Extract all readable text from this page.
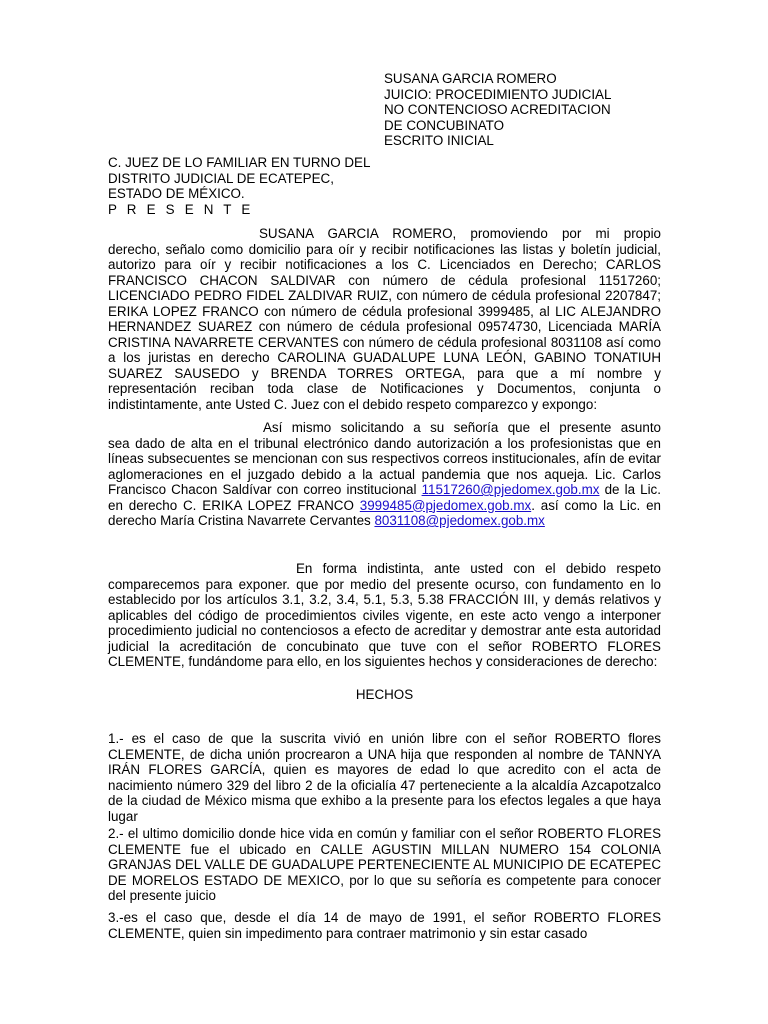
SUSANA GARCIA ROMERO
JUICIO: PROCEDIMIENTO JUDICIAL
NO CONTENCIOSO ACREDITACION
DE CONCUBINATO
ESCRITO INICIAL
C. JUEZ DE LO FAMILIAR EN TURNO DEL
DISTRITO JUDICIAL DE ECATEPEC,
ESTADO DE MÉXICO.
P R E S E N T E

SUSANA GARCIA ROMERO, promoviendo por mi propio
derecho, señalo como domicilio para oír y recibir notificaciones las listas y boletín judicial, autorizo para oír y recibir notificaciones a los C. Licenciados en Derecho; CARLOS FRANCISCO CHACON SALDIVAR con número de cédula profesional 11517260; LICENCIADO PEDRO FIDEL ZALDIVAR RUIZ, con número de cédula profesional 2207847; ERIKA LOPEZ FRANCO con número de cédula profesional 3999485, al LIC ALEJANDRO HERNANDEZ SUAREZ con número de cédula profesional 09574730, Licenciada MARÍA CRISTINA NAVARRETE CERVANTES con número de cédula profesional 8031108 así como a los juristas en derecho CAROLINA GUADALUPE LUNA LEÓN, GABINO TONATIUH SUAREZ SAUSEDO y BRENDA TORRES ORTEGA, para que a mí nombre y representación reciban toda clase de Notificaciones y Documentos, conjunta o indistintamente, ante Usted C. Juez con el debido respeto comparezco y expongo:

Así mismo solicitando a su señoría que el presente asunto
sea dado de alta en el tribunal electrónico dando autorización a los profesionistas que en líneas subsecuentes se mencionan con sus respectivos correos institucionales, afín de evitar aglomeraciones en el juzgado debido a la actual pandemia que nos aqueja. Lic. Carlos Francisco Chacon Saldívar con correo institucional 11517260@pjedomex.gob.mx de la Lic. en derecho C. ERIKA LOPEZ FRANCO 3999485@pjedomex.gob.mx. así como la Lic. en derecho María Cristina Navarrete Cervantes 8031108@pjedomex.gob.mx

En forma indistinta, ante usted con el debido respeto
comparecemos para exponer. que por medio del presente ocurso, con fundamento en lo establecido por los artículos 3.1, 3.2, 3.4, 5.1, 5.3, 5.38 FRACCIÓN III, y demás relativos y aplicables del código de procedimientos civiles vigente, en este acto vengo a interponer procedimiento judicial no contenciosos a efecto de acreditar y demostrar ante esta autoridad judicial la acreditación de concubinato que tuve con el señor ROBERTO FLORES CLEMENTE, fundándome para ello, en los siguientes hechos y consideraciones de derecho:

HECHOS

1.- es el caso de que la suscrita vivió en unión libre con el señor ROBERTO flores CLEMENTE, de dicha unión procrearon a UNA hija que responden al nombre de TANNYA IRÁN FLORES GARCÍA, quien es mayores de edad lo que acredito con el acta de nacimiento número 329 del libro 2 de la oficialía 47 perteneciente a la alcaldía Azcapotzalco de la ciudad de México misma que exhibo a la presente para los efectos legales a que haya lugar

2.- el ultimo domicilio donde hice vida en común y familiar con el señor ROBERTO FLORES CLEMENTE fue el ubicado en CALLE AGUSTIN MILLAN NUMERO 154 COLONIA GRANJAS DEL VALLE DE GUADALUPE PERTENECIENTE AL MUNICIPIO DE ECATEPEC DE MORELOS ESTADO DE MEXICO, por lo que su señoría es competente para conocer del presente juicio

3.-es el caso que, desde el día 14 de mayo de 1991, el señor ROBERTO FLORES CLEMENTE, quien sin impedimento para contraer matrimonio y sin estar casado
